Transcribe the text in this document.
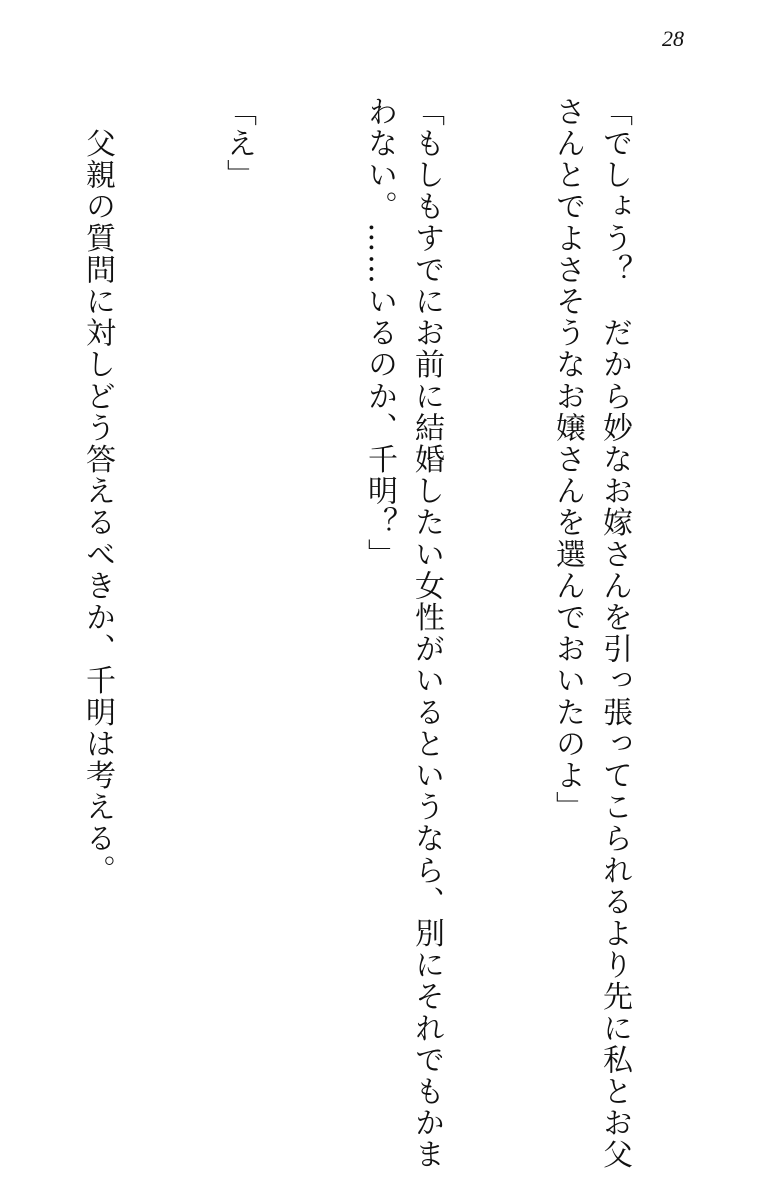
28

「でしょう？　だから妙なお嫁さんを引っ張ってこられるより先に私とお父さんとでよさそうなお嬢さんを選んでおいたのよ」

「もしもすでにお前に結婚したい女性がいるというなら、別にそれでもかまわない。……いるのか、千明？」

「え」

　父親の質問に対しどう答えるべきか、千明は考える。
